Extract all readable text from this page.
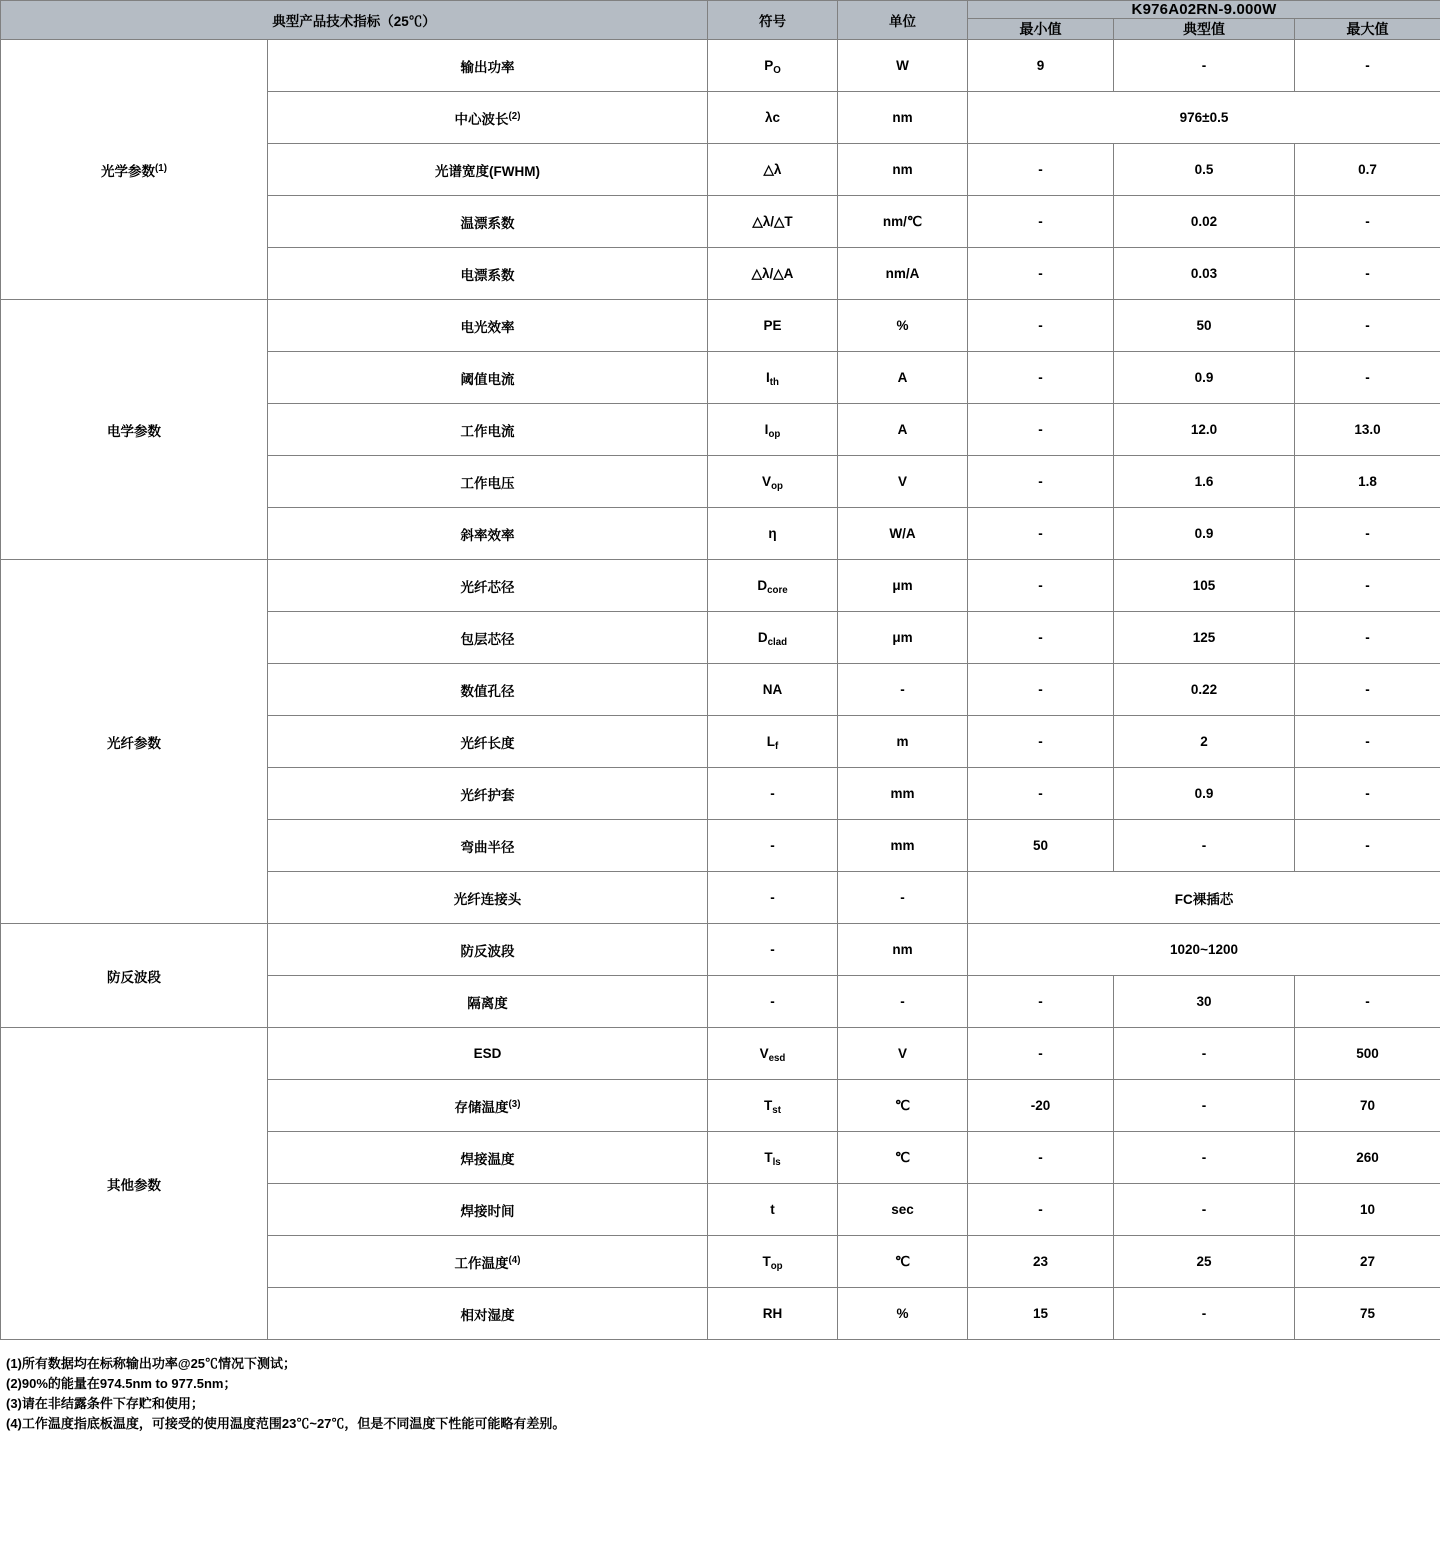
典型产品技术指标（25℃）		符号	单位	K976A02RN-9.000W		
				最小值	典型值	最大值
光学参数$^{(1)}$	输出功率	$P_O$	W	9	-	-
	中心波长$^{(2)}$	λc	nm	976±0.5		
	光谱宽度(FWHM)	△λ	nm	-	0.5	0.7
	温漂系数	△λ/△T	nm/℃	-	0.02	-
	电漂系数	△λ/△A	nm/A	-	0.03	-
电学参数	电光效率	PE	%	-	50	-
	阈值电流	$I_{th}$	A	-	0.9	-
	工作电流	$I_{op}$	A	-	12.0	13.0
	工作电压	$V_{op}$	V	-	1.6	1.8
	斜率效率	η	W/A	-	0.9	-
光纤参数	光纤芯径	$D_{core}$	μm	-	105	-
	包层芯径	$D_{clad}$	μm	-	125	-
	数值孔径	NA	-	-	0.22	-
	光纤长度	$L_f$	m	-	2	-
	光纤护套	-	mm	-	0.9	-
	弯曲半径	-	mm	50	-	-
	光纤连接头	-	-	FC裸插芯		
防反波段	防反波段	-	nm	1020~1200		
	隔离度	-	-	-	30	-
其他参数	ESD	$V_{esd}$	V	-	-	500
	存储温度$^{(3)}$	$T_{st}$	℃	-20	-	70
	焊接温度	$T_{ls}$	℃	-	-	260
	焊接时间	t	sec	-	-	10
	工作温度$^{(4)}$	$T_{op}$	℃	23	25	27
	相对湿度	RH	%	15	-	75
(1)所有数据均在标称输出功率@25℃情况下测试；
(2)90%的能量在974.5nm to 977.5nm；
(3)请在非结露条件下存贮和使用；
(4)工作温度指底板温度，可接受的使用温度范围23℃~27℃，但是不同温度下性能可能略有差别。
